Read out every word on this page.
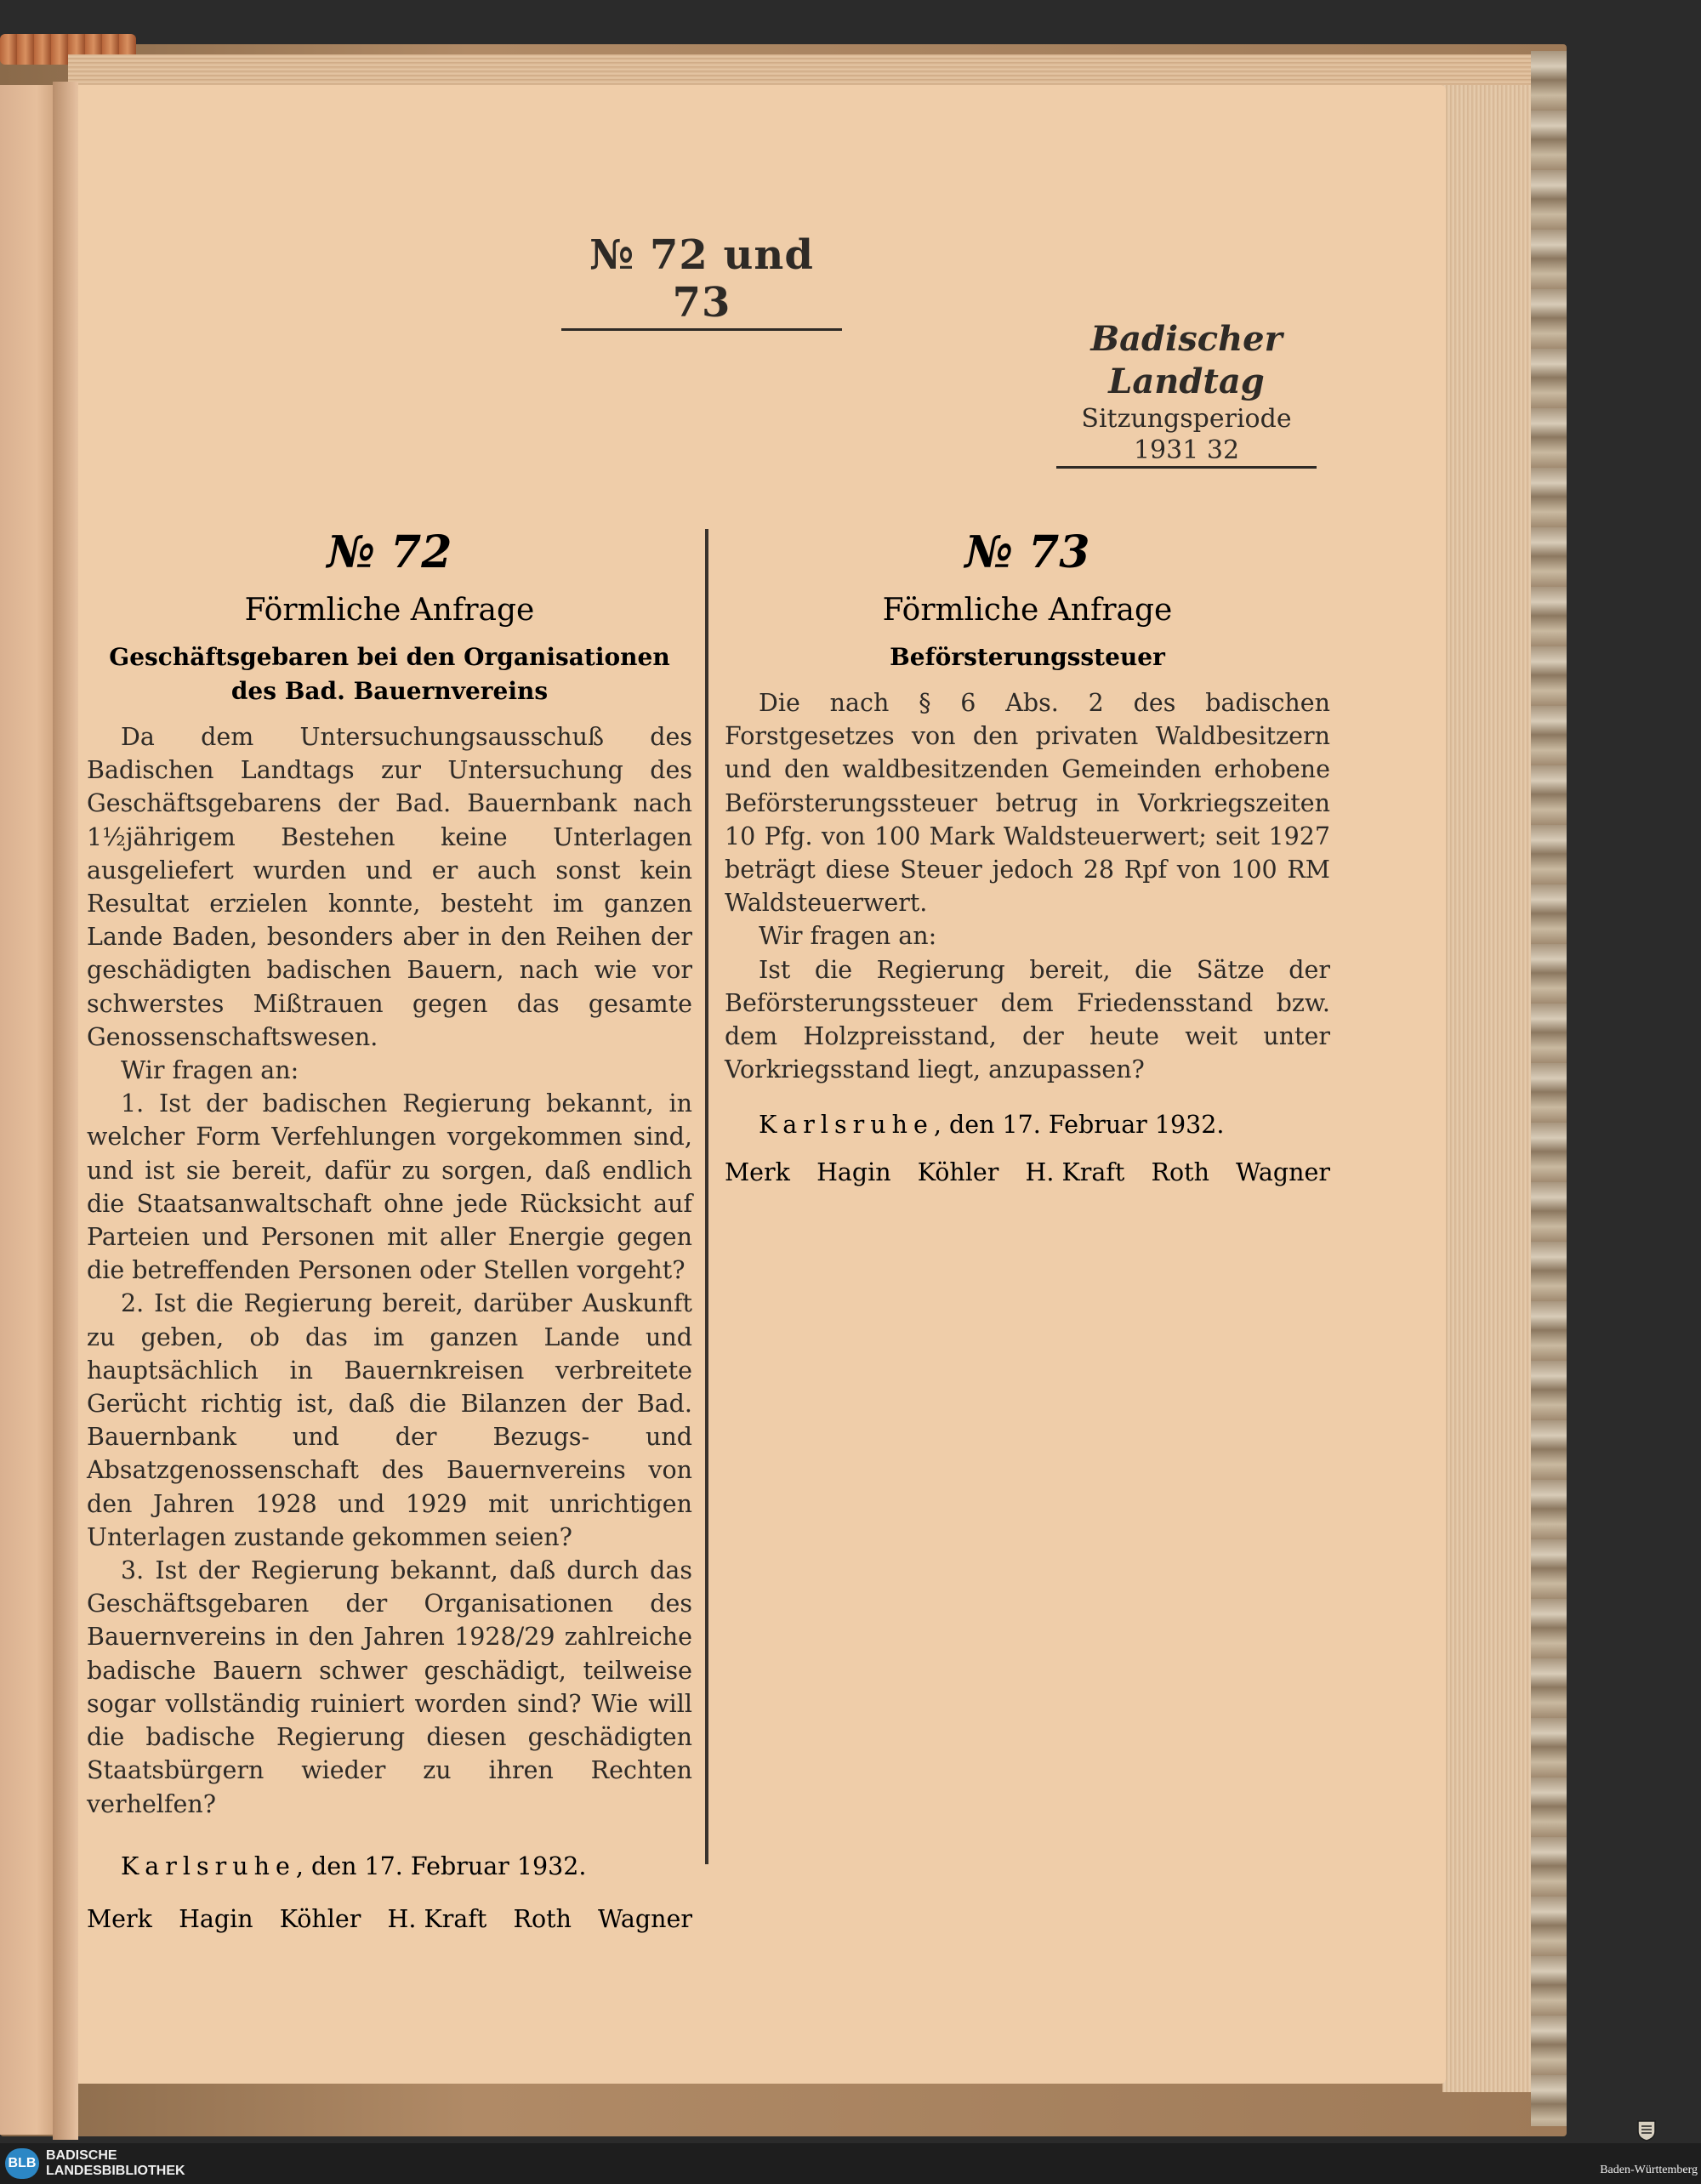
№ 72 und 73
Badischer Landtag
Sitzungsperiode
1931 32

№ 72

Förmliche Anfrage

Geschäftsgebaren bei den Organisationen des Bad. Bauernvereins

Da dem Untersuchungsausschuß des Badischen Landtags zur Untersuchung des Geschäftsgebarens der Bad. Bauernbank nach 1½jährigem Bestehen keine Unterlagen ausgeliefert wurden und er auch sonst kein Resultat erzielen konnte, besteht im ganzen Lande Baden, besonders aber in den Reihen der geschädigten badischen Bauern, nach wie vor schwerstes Mißtrauen gegen das gesamte Genossenschaftswesen.

Wir fragen an:

1. Ist der badischen Regierung bekannt, in welcher Form Verfehlungen vorgekommen sind, und ist sie bereit, dafür zu sorgen, daß endlich die Staatsanwaltschaft ohne jede Rücksicht auf Parteien und Personen mit aller Energie gegen die betreffenden Personen oder Stellen vorgeht?

2. Ist die Regierung bereit, darüber Auskunft zu geben, ob das im ganzen Lande und hauptsächlich in Bauernkreisen verbreitete Gerücht richtig ist, daß die Bilanzen der Bad. Bauernbank und der Bezugs- und Absatzgenossenschaft des Bauernvereins von den Jahren 1928 und 1929 mit unrichtigen Unterlagen zustande gekommen seien?

3. Ist der Regierung bekannt, daß durch das Geschäftsgebaren der Organisationen des Bauernvereins in den Jahren 1928/29 zahlreiche badische Bauern schwer geschädigt, teilweise sogar vollständig ruiniert worden sind? Wie will die badische Regierung diesen geschädigten Staatsbürgern wieder zu ihren Rechten verhelfen?

Karlsruhe, den 17. Februar 1932.

Merk Hagin Köhler H. Kraft Roth Wagner

№ 73

Förmliche Anfrage

Beförsterungssteuer

Die nach § 6 Abs. 2 des badischen Forstgesetzes von den privaten Waldbesitzern und den waldbesitzenden Gemeinden erhobene Beförsterungssteuer betrug in Vorkriegszeiten 10 Pfg. von 100 Mark Waldsteuerwert; seit 1927 beträgt diese Steuer jedoch 28 Rpf von 100 RM Waldsteuerwert.

Wir fragen an:

Ist die Regierung bereit, die Sätze der Beförsterungssteuer dem Friedensstand bzw. dem Holzpreisstand, der heute weit unter Vorkriegsstand liegt, anzupassen?

Karlsruhe, den 17. Februar 1932.

Merk Hagin Köhler H. Kraft Roth Wagner
BLB

BADISCHE
LANDESBIBLIOTHEK	Baden-Württemberg
